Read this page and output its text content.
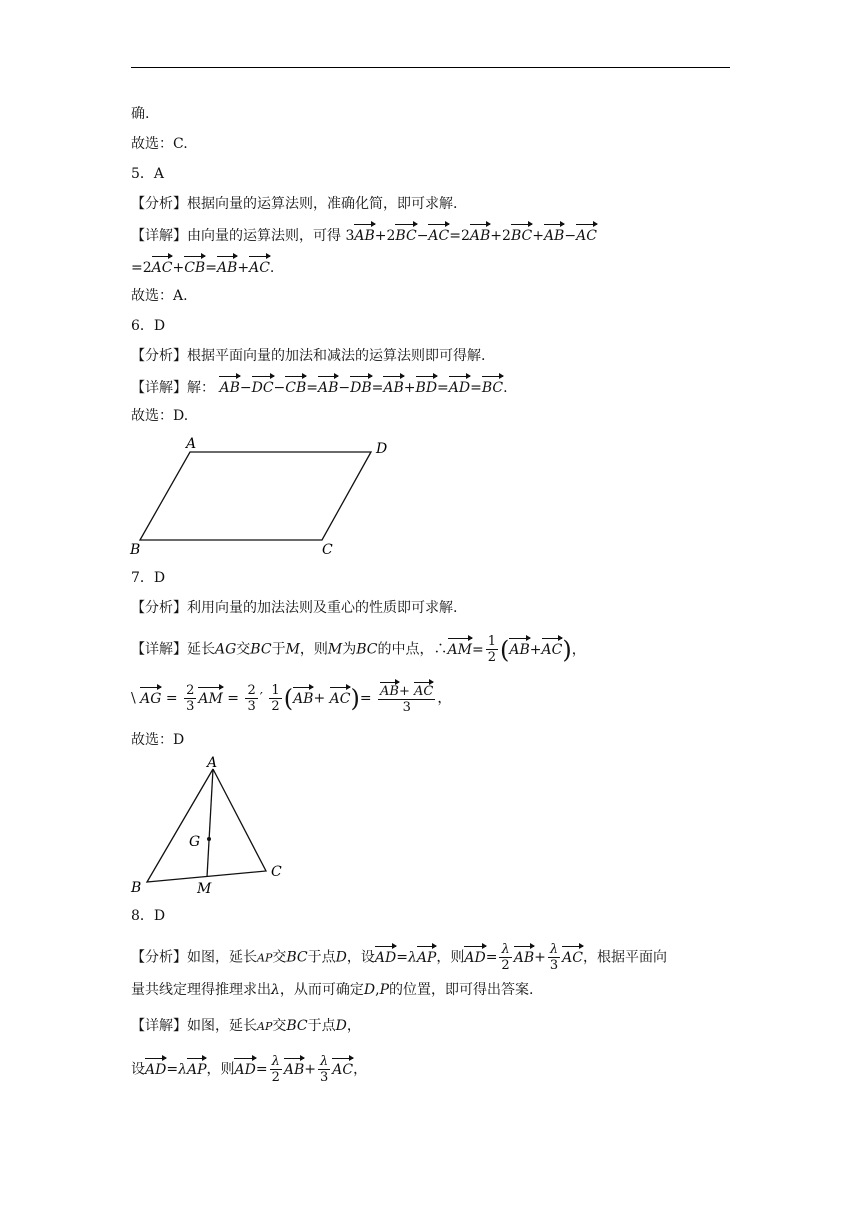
确.
故选：C.
5．A
【分析】根据向量的运算法则，准确化简，即可求解.
【详解】由向量的运算法则，可得 3AB+2BC−AC=2AB+2BC+AB−AC
=2AC+CB=AB+AC.
故选：A.
6．D
【分析】根据平面向量的加法和减法的运算法则即可得解.
【详解】解： AB−DC−CB=AB−DB=AB+BD=AD=BC.
故选：D.
A	D
B	C
7．D
【分析】利用向量的加法法则及重心的性质即可求解.
【详解】延长AG交BC于M，则M为BC的中点，∴AM= $\frac{1}{2} (AB+AC)$，
\ AG = $\frac{2}{3}$ AM = $\frac{2}{3}$ ′ $\frac{1}{2} (AB+ AC)= \frac{AB+ AC}{3}$ ，
故选：D
A
B
C
G
M
8．D
【分析】如图，延长AP交BC于点D，设AD=λAP，则$AD= \frac{\lambda}{2} AB+ \frac{\lambda}{3}$ AC，根据平面向
量共线定理得推理求出λ，从而可确定D,P的位置，即可得出答案.
【详解】如图，延长AP交BC于点D，
设AD=λAP，则$AD= \frac{\lambda}{2} AB+ \frac{\lambda}{3}$ AC，
